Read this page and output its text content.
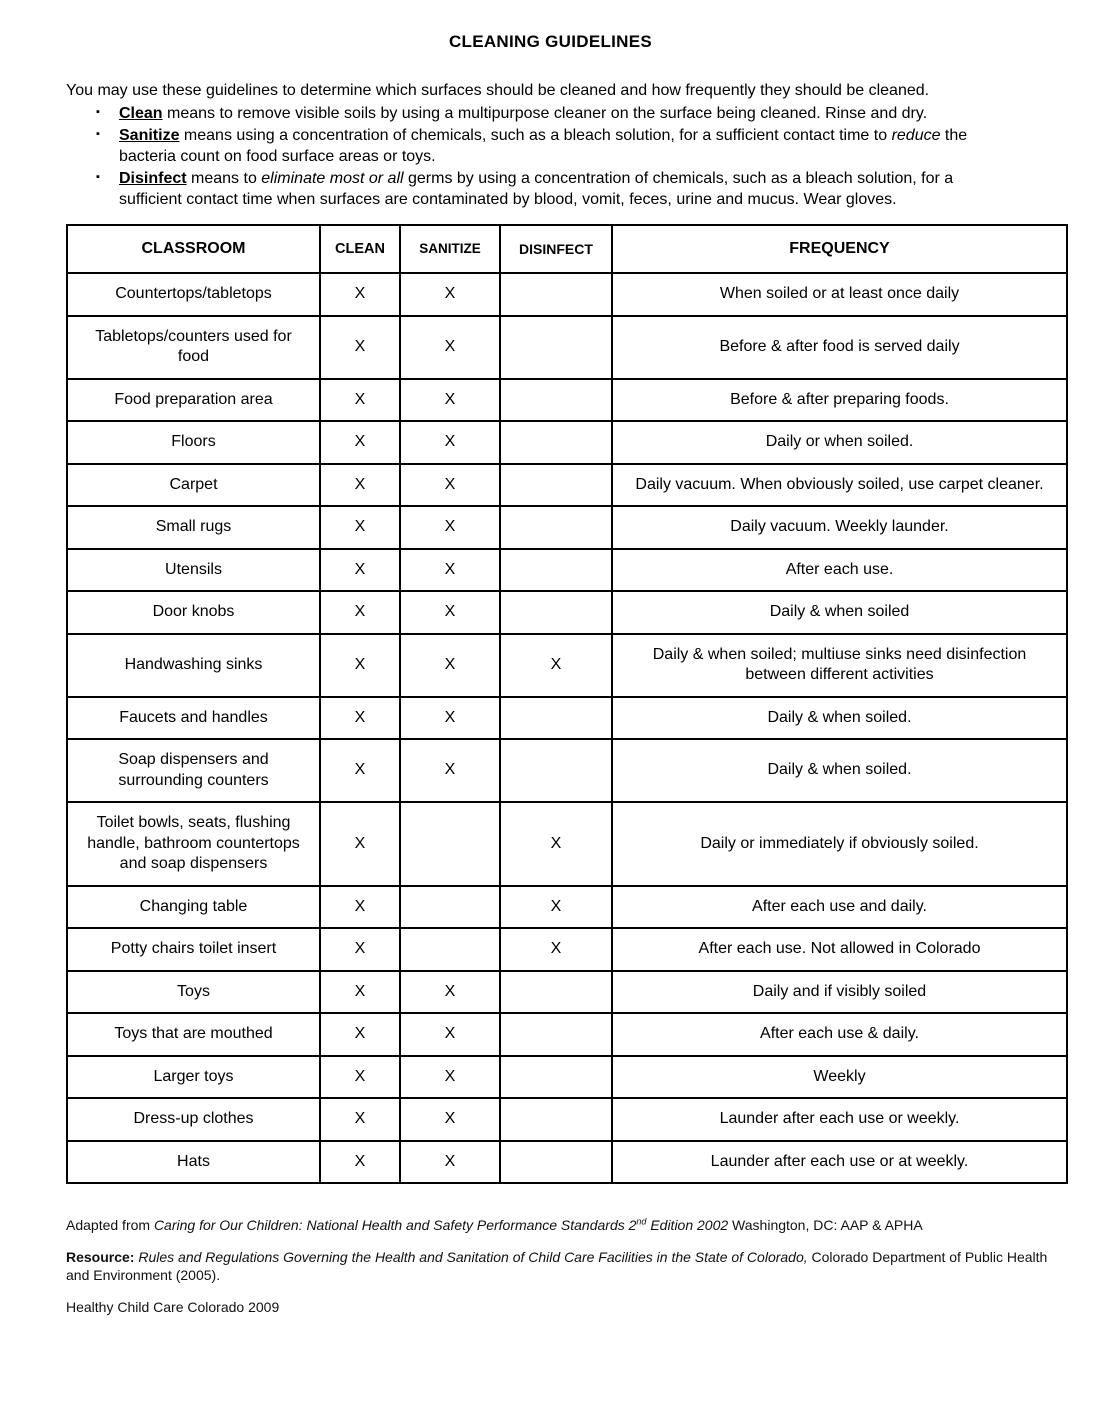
CLEANING GUIDELINES

You may use these guidelines to determine which surfaces should be cleaned and how frequently they should be cleaned.

▪ Clean means to remove visible soils by using a multipurpose cleaner on the surface being cleaned. Rinse and dry.
▪ Sanitize means using a concentration of chemicals, such as a bleach solution, for a sufficient contact time to reduce the bacteria count on food surface areas or toys.
▪ Disinfect means to eliminate most or all germs by using a concentration of chemicals, such as a bleach solution, for a sufficient contact time when surfaces are contaminated by blood, vomit, feces, urine and mucus. Wear gloves.
CLASSROOM	CLEAN	SANITIZE	DISINFECT	FREQUENCY
Countertops/tabletops	X	X		When soiled or at least once daily
Tabletops/counters used for food	X	X		Before & after food is served daily
Food preparation area	X	X		Before & after preparing foods.
Floors	X	X		Daily or when soiled.
Carpet	X	X		Daily vacuum. When obviously soiled, use carpet cleaner.
Small rugs	X	X		Daily vacuum. Weekly launder.
Utensils	X	X		After each use.
Door knobs	X	X		Daily & when soiled
Handwashing sinks	X	X	X	Daily & when soiled; multiuse sinks need disinfection between different activities
Faucets and handles	X	X		Daily & when soiled.
Soap dispensers and surrounding counters	X	X		Daily & when soiled.
Toilet bowls, seats, flushing handle, bathroom countertops and soap dispensers	X		X	Daily or immediately if obviously soiled.
Changing table	X		X	After each use and daily.
Potty chairs toilet insert	X		X	After each use. Not allowed in Colorado
Toys	X	X		Daily and if visibly soiled
Toys that are mouthed	X	X		After each use & daily.
Larger toys	X	X		Weekly
Dress-up clothes	X	X		Launder after each use or weekly.
Hats	X	X		Launder after each use or at weekly.

Adapted from Caring for Our Children: National Health and Safety Performance Standards 2nd Edition 2002 Washington, DC: AAP & APHA

Resource: Rules and Regulations Governing the Health and Sanitation of Child Care Facilities in the State of Colorado, Colorado Department of Public Health and Environment (2005).

Healthy Child Care Colorado 2009
